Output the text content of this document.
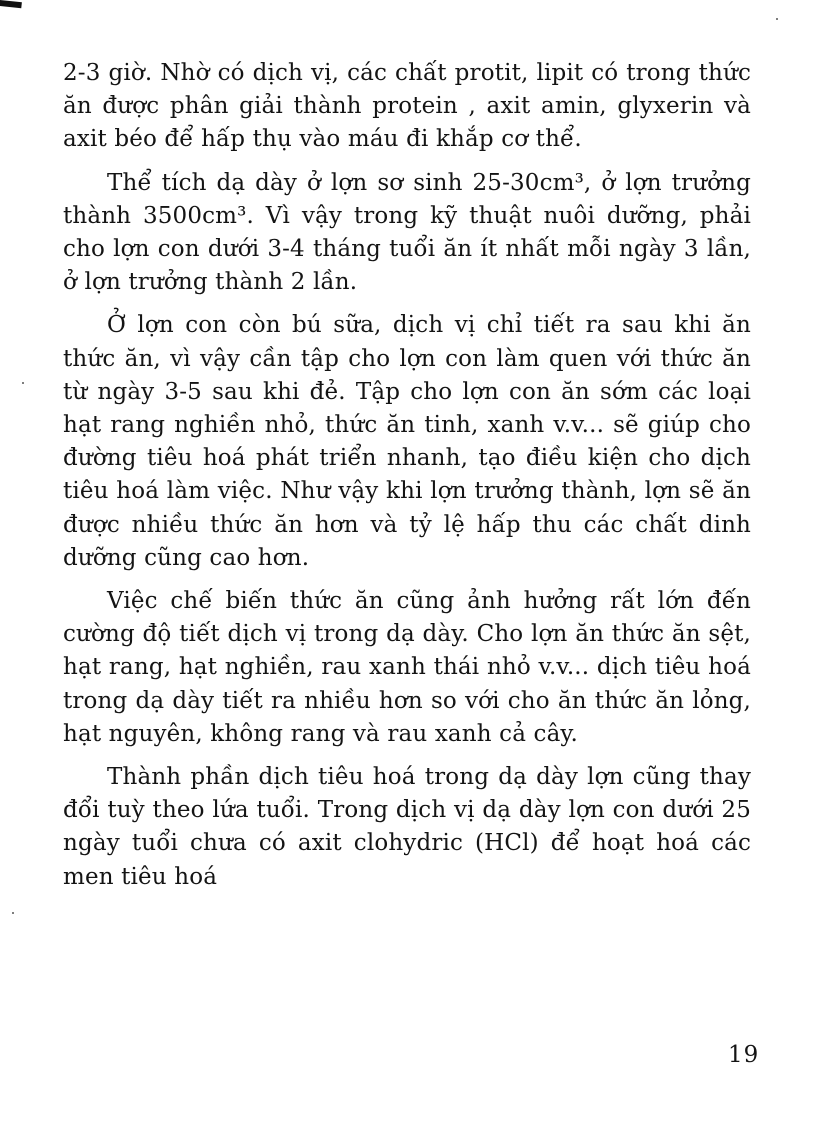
2-3 giờ. Nhờ có dịch vị, các chất protit, lipit có trong thức ăn được phân giải thành protein , axit amin, glyxerin và axit béo để hấp thụ vào máu đi khắp cơ thể.

Thể tích dạ dày ở lợn sơ sinh 25-30cm³, ở lợn trưởng thành 3500cm³. Vì vậy trong kỹ thuật nuôi dưỡng, phải cho lợn con dưới 3-4 tháng tuổi ăn ít nhất mỗi ngày 3 lần, ở lợn trưởng thành 2 lần.

Ở lợn con còn bú sữa, dịch vị chỉ tiết ra sau khi ăn thức ăn, vì vậy cần tập cho lợn con làm quen với thức ăn từ ngày 3-5 sau khi đẻ. Tập cho lợn con ăn sớm các loại hạt rang nghiền nhỏ, thức ăn tinh, xanh v.v... sẽ giúp cho đường tiêu hoá phát triển nhanh, tạo điều kiện cho dịch tiêu hoá làm việc. Như vậy khi lợn trưởng thành, lợn sẽ ăn được nhiều thức ăn hơn và tỷ lệ hấp thu các chất dinh dưỡng cũng cao hơn.

Việc chế biến thức ăn cũng ảnh hưởng rất lớn đến cường độ tiết dịch vị trong dạ dày. Cho lợn ăn thức ăn sệt, hạt rang, hạt nghiền, rau xanh thái nhỏ v.v... dịch tiêu hoá trong dạ dày tiết ra nhiều hơn so với cho ăn thức ăn lỏng, hạt nguyên, không rang và rau xanh cả cây.

Thành phần dịch tiêu hoá trong dạ dày lợn cũng thay đổi tuỳ theo lứa tuổi. Trong dịch vị dạ dày lợn con dưới 25 ngày tuổi chưa có axit clohydric (HCl) để hoạt hoá các men tiêu hoá

19
